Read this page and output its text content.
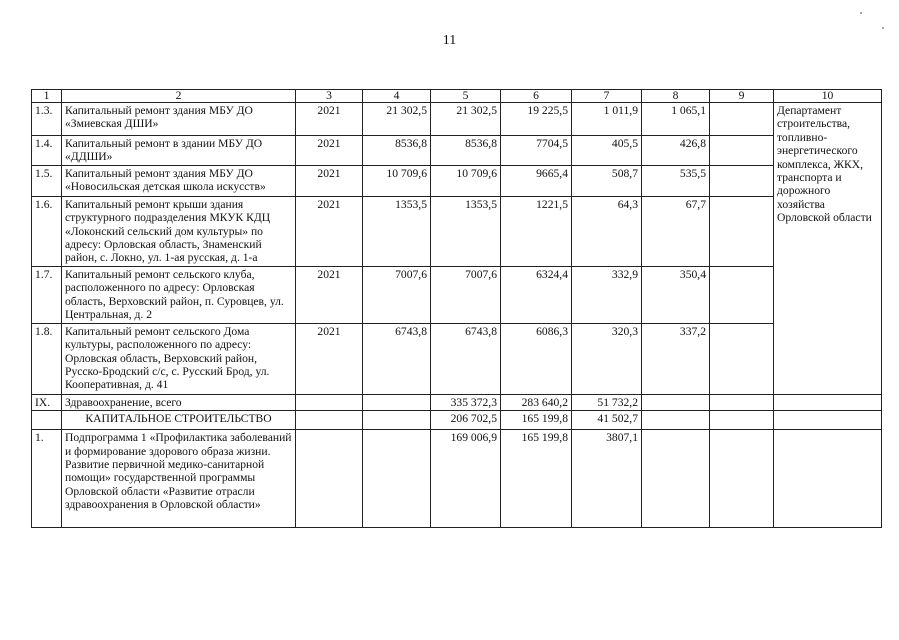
11
1	2	3	4	5	6	7	8	9	10
1.3.	Капитальный ремонт здания МБУ ДО «Змиевская ДШИ»	2021	21 302,5	21 302,5	19 225,5	1 011,9	1 065,1		Департамент строительства, топливно-энергетического комплекса, ЖКХ, транспорта и дорожного хозяйства Орловской области
1.4.	Капитальный ремонт в здании МБУ ДО «ДДШИ»	2021	8536,8	8536,8	7704,5	405,5	426,8		
1.5.	Капитальный ремонт здания МБУ ДО «Новосильская детская школа искусств»	2021	10 709,6	10 709,6	9665,4	508,7	535,5		
1.6.	Капитальный ремонт крыши здания структурного подразделения МКУК КДЦ «Локонский сельский дом культуры» по адресу: Орловская область, Знаменский район, с. Локно, ул. 1-ая русская, д. 1-а	2021	1353,5	1353,5	1221,5	64,3	67,7		
1.7.	Капитальный ремонт сельского клуба, расположенного по адресу: Орловская область, Верховский район, п. Суровцев, ул. Центральная, д. 2	2021	7007,6	7007,6	6324,4	332,9	350,4		
1.8.	Капитальный ремонт сельского Дома культуры, расположенного по адресу: Орловская область, Верховский район, Русско-Бродский с/с, с. Русский Брод, ул. Кооперативная, д. 41	2021	6743,8	6743,8	6086,3	320,3	337,2		
IX.	Здравоохранение, всего			335 372,3	283 640,2	51 732,2			
	КАПИТАЛЬНОЕ СТРОИТЕЛЬСТВО			206 702,5	165 199,8	41 502,7			
1.	Подпрограмма 1 «Профилактика заболеваний и формирование здорового образа жизни. Развитие первичной медико-санитарной помощи» государственной программы Орловской области «Развитие отрасли здравоохранения в Орловской области»			169 006,9	165 199,8	3807,1			
